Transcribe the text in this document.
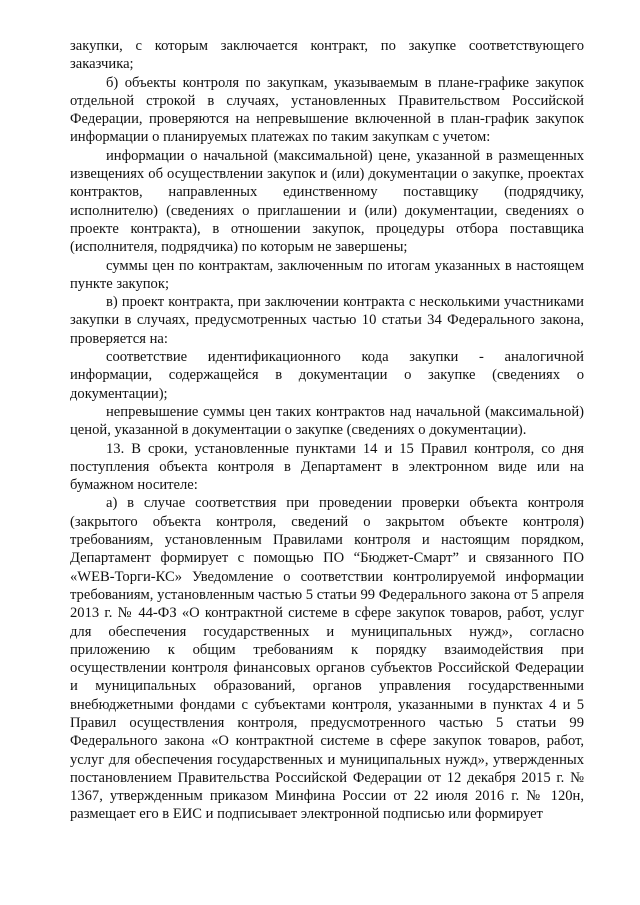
закупки, с которым заключается контракт, по закупке соответствующего заказчика;

б) объекты контроля по закупкам, указываемым в плане-графике закупок отдельной строкой в случаях, установленных Правительством Российской Федерации, проверяются на непревышение включенной в план-график закупок информации о планируемых платежах по таким закупкам с учетом:

информации о начальной (максимальной) цене, указанной в размещенных извещениях об осуществлении закупок и (или) документации о закупке, проектах контрактов, направленных единственному поставщику (подрядчику, исполнителю) (сведениях о приглашении и (или) документации, сведениях о проекте контракта), в отношении закупок, процедуры отбора поставщика (исполнителя, подрядчика) по которым не завершены;

суммы цен по контрактам, заключенным по итогам указанных в настоящем пункте закупок;

в) проект контракта, при заключении контракта с несколькими участниками закупки в случаях, предусмотренных частью 10 статьи 34 Федерального закона, проверяется на:

соответствие идентификационного кода закупки - аналогичной информации, содержащейся в документации о закупке (сведениях о документации);

непревышение суммы цен таких контрактов над начальной (максимальной) ценой, указанной в документации о закупке (сведениях о документации).

13. В сроки, установленные пунктами 14 и 15 Правил контроля, со дня поступления объекта контроля в Департамент в электронном виде или на бумажном носителе:

а) в случае соответствия при проведении проверки объекта контроля (закрытого объекта контроля, сведений о закрытом объекте контроля) требованиям, установленным Правилами контроля и настоящим порядком, Департамент формирует с помощью ПО “Бюджет-Смарт” и связанного ПО «WEB-Торги-КС» Уведомление о соответствии контролируемой информации требованиям, установленным частью 5 статьи 99 Федерального закона от 5 апреля 2013 г. № 44-ФЗ «О контрактной системе в сфере закупок товаров, работ, услуг для обеспечения государственных и муниципальных нужд», согласно приложению к общим требованиям к порядку взаимодействия при осуществлении контроля финансовых органов субъектов Российской Федерации и муниципальных образований, органов управления государственными внебюджетными фондами с субъектами контроля, указанными в пунктах 4 и 5 Правил осуществления контроля, предусмотренного частью 5 статьи 99 Федерального закона «О контрактной системе в сфере закупок товаров, работ, услуг для обеспечения государственных и муниципальных нужд», утвержденных постановлением Правительства Российской Федерации от 12 декабря 2015 г. № 1367, утвержденным приказом Минфина России от 22 июля 2016 г. № 120н, размещает его в ЕИС и подписывает электронной подписью или формирует
